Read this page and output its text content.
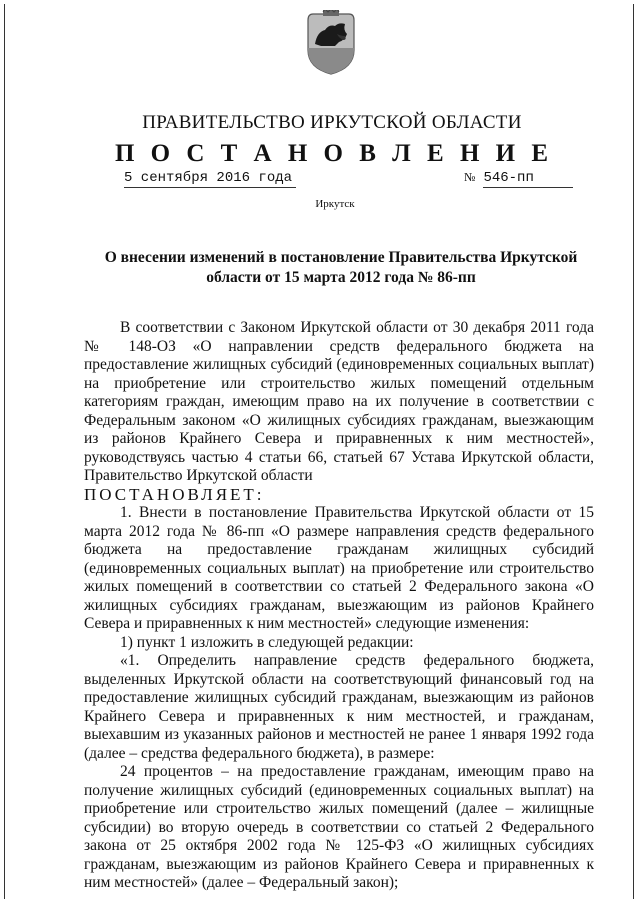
ПРАВИТЕЛЬСТВО ИРКУТСКОЙ ОБЛАСТИ
П О С Т А Н О В Л Е Н И Е
5 сентября 2016 года	№ 546-пп
Иркутск
О внесении изменений в постановление Правительства Иркутской области от 15 марта 2012 года № 86-пп

В соответствии с Законом Иркутской области от 30 декабря 2011 года № 148-ОЗ «О направлении средств федерального бюджета на предоставление жилищных субсидий (единовременных социальных выплат) на приобретение или строительство жилых помещений отдельным категориям граждан, имеющим право на их получение в соответствии с Федеральным законом «О жилищных субсидиях гражданам, выезжающим из районов Крайнего Севера и приравненных к ним местностей», руководствуясь частью 4 статьи 66, статьей 67 Устава Иркутской области, Правительство Иркутской области

ПОСТАНОВЛЯЕТ:

1. Внести в постановление Правительства Иркутской области от 15 марта 2012 года № 86-пп «О размере направления средств федерального бюджета на предоставление гражданам жилищных субсидий (единовременных социальных выплат) на приобретение или строительство жилых помещений в соответствии со статьей 2 Федерального закона «О жилищных субсидиях гражданам, выезжающим из районов Крайнего Севера и приравненных к ним местностей» следующие изменения:

1) пункт 1 изложить в следующей редакции:

«1. Определить направление средств федерального бюджета, выделенных Иркутской области на соответствующий финансовый год на предоставление жилищных субсидий гражданам, выезжающим из районов Крайнего Севера и приравненных к ним местностей, и гражданам, выехавшим из указанных районов и местностей не ранее 1 января 1992 года (далее – средства федерального бюджета), в размере:

24 процентов – на предоставление гражданам, имеющим право на получение жилищных субсидий (единовременных социальных выплат) на приобретение или строительство жилых помещений (далее – жилищные субсидии) во вторую очередь в соответствии со статьей 2 Федерального закона от 25 октября 2002 года № 125-ФЗ «О жилищных субсидиях гражданам, выезжающим из районов Крайнего Севера и приравненных к ним местностей» (далее – Федеральный закон);
